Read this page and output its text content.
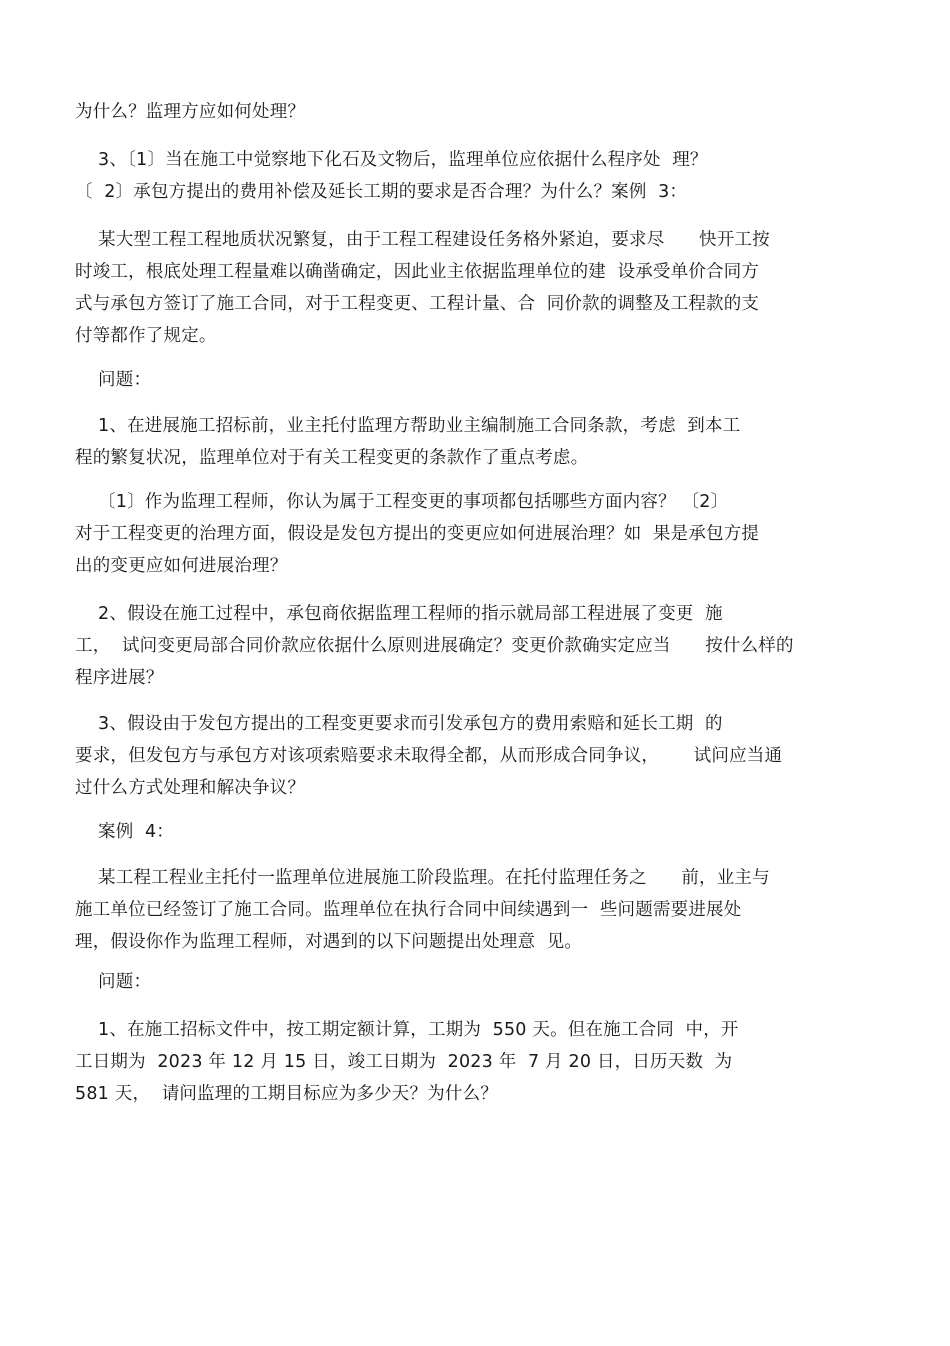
为什么？监理方应如何处理？

3、〔1〕当在施工中觉察地下化石及文物后，监理单位应依据什么程序处  理？
〔  2〕承包方提出的费用补偿及延长工期的要求是否合理？为什么？案例  3：

某大型工程工程地质状况繁复，由于工程工程建设任务格外紧迫，要求尽      快开工按
时竣工，根底处理工程量难以确凿确定，因此业主依据监理单位的建  设承受单价合同方
式与承包方签订了施工合同，对于工程变更、工程计量、合  同价款的调整及工程款的支
付等都作了规定。

问题：

1、在进展施工招标前，业主托付监理方帮助业主编制施工合同条款，考虑  到本工
程的繁复状况，监理单位对于有关工程变更的条款作了重点考虑。

〔1〕作为监理工程师，你认为属于工程变更的事项都包括哪些方面内容？ 〔2〕
对于工程变更的治理方面，假设是发包方提出的变更应如何进展治理？如  果是承包方提
出的变更应如何进展治理？

2、假设在施工过程中，承包商依据监理工程师的指示就局部工程进展了变更  施
工，  试问变更局部合同价款应依据什么原则进展确定？变更价款确实定应当      按什么样的
程序进展？

3、假设由于发包方提出的工程变更要求而引发承包方的费用索赔和延长工期  的
要求，但发包方与承包方对该项索赔要求未取得全都，从而形成合同争议，      试问应当通
过什么方式处理和解决争议？

案例  4：

某工程工程业主托付一监理单位进展施工阶段监理。在托付监理任务之      前，业主与
施工单位已经签订了施工合同。监理单位在执行合同中间续遇到一  些问题需要进展处
理，假设你作为监理工程师，对遇到的以下问题提出处理意  见。

问题：

1、在施工招标文件中，按工期定额计算，工期为  550 天。但在施工合同  中，开
工日期为  2023 年 12 月 15 日，竣工日期为  2023 年  7 月 20 日，日历天数  为
581 天，  请问监理的工期目标应为多少天？为什么？
